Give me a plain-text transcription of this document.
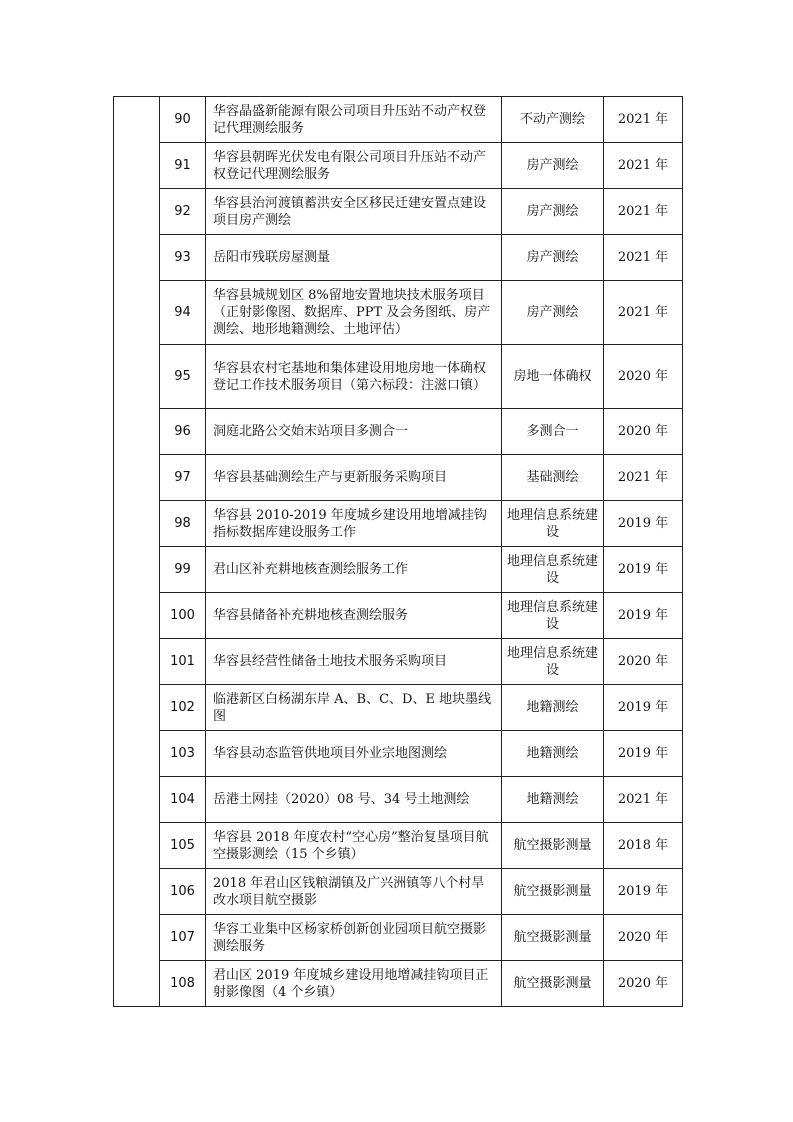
	90	华容晶盛新能源有限公司项目升压站不动产权登记代理测绘服务	不动产测绘	2021 年
	91	华容县朝晖光伏发电有限公司项目升压站不动产权登记代理测绘服务	房产测绘	2021 年
	92	华容县治河渡镇蓄洪安全区移民迁建安置点建设项目房产测绘	房产测绘	2021 年
	93	岳阳市残联房屋测量	房产测绘	2021 年
	94	华容县城规划区 8%留地安置地块技术服务项目（正射影像图、数据库、PPT 及会务图纸、房产测绘、地形地籍测绘、土地评估）	房产测绘	2021 年
	95	华容县农村宅基地和集体建设用地房地一体确权登记工作技术服务项目（第六标段：注滋口镇）	房地一体确权	2020 年
	96	洞庭北路公交始末站项目多测合一	多测合一	2020 年
	97	华容县基础测绘生产与更新服务采购项目	基础测绘	2021 年
	98	华容县 2010-2019 年度城乡建设用地增减挂钩指标数据库建设服务工作	地理信息系统建设	2019 年
	99	君山区补充耕地核查测绘服务工作	地理信息系统建设	2019 年
	100	华容县储备补充耕地核查测绘服务	地理信息系统建设	2019 年
	101	华容县经营性储备土地技术服务采购项目	地理信息系统建设	2020 年
	102	临港新区白杨湖东岸 A、B、C、D、E 地块墨线图	地籍测绘	2019 年
	103	华容县动态监管供地项目外业宗地图测绘	地籍测绘	2019 年
	104	岳港土网挂（2020）08 号、34 号土地测绘	地籍测绘	2021 年
	105	华容县 2018 年度农村“空心房”整治复垦项目航空摄影测绘（15 个乡镇）	航空摄影测量	2018 年
	106	2018 年君山区钱粮湖镇及广兴洲镇等八个村旱改水项目航空摄影	航空摄影测量	2019 年
	107	华容工业集中区杨家桥创新创业园项目航空摄影测绘服务	航空摄影测量	2020 年
	108	君山区 2019 年度城乡建设用地增减挂钩项目正射影像图（4 个乡镇）	航空摄影测量	2020 年
